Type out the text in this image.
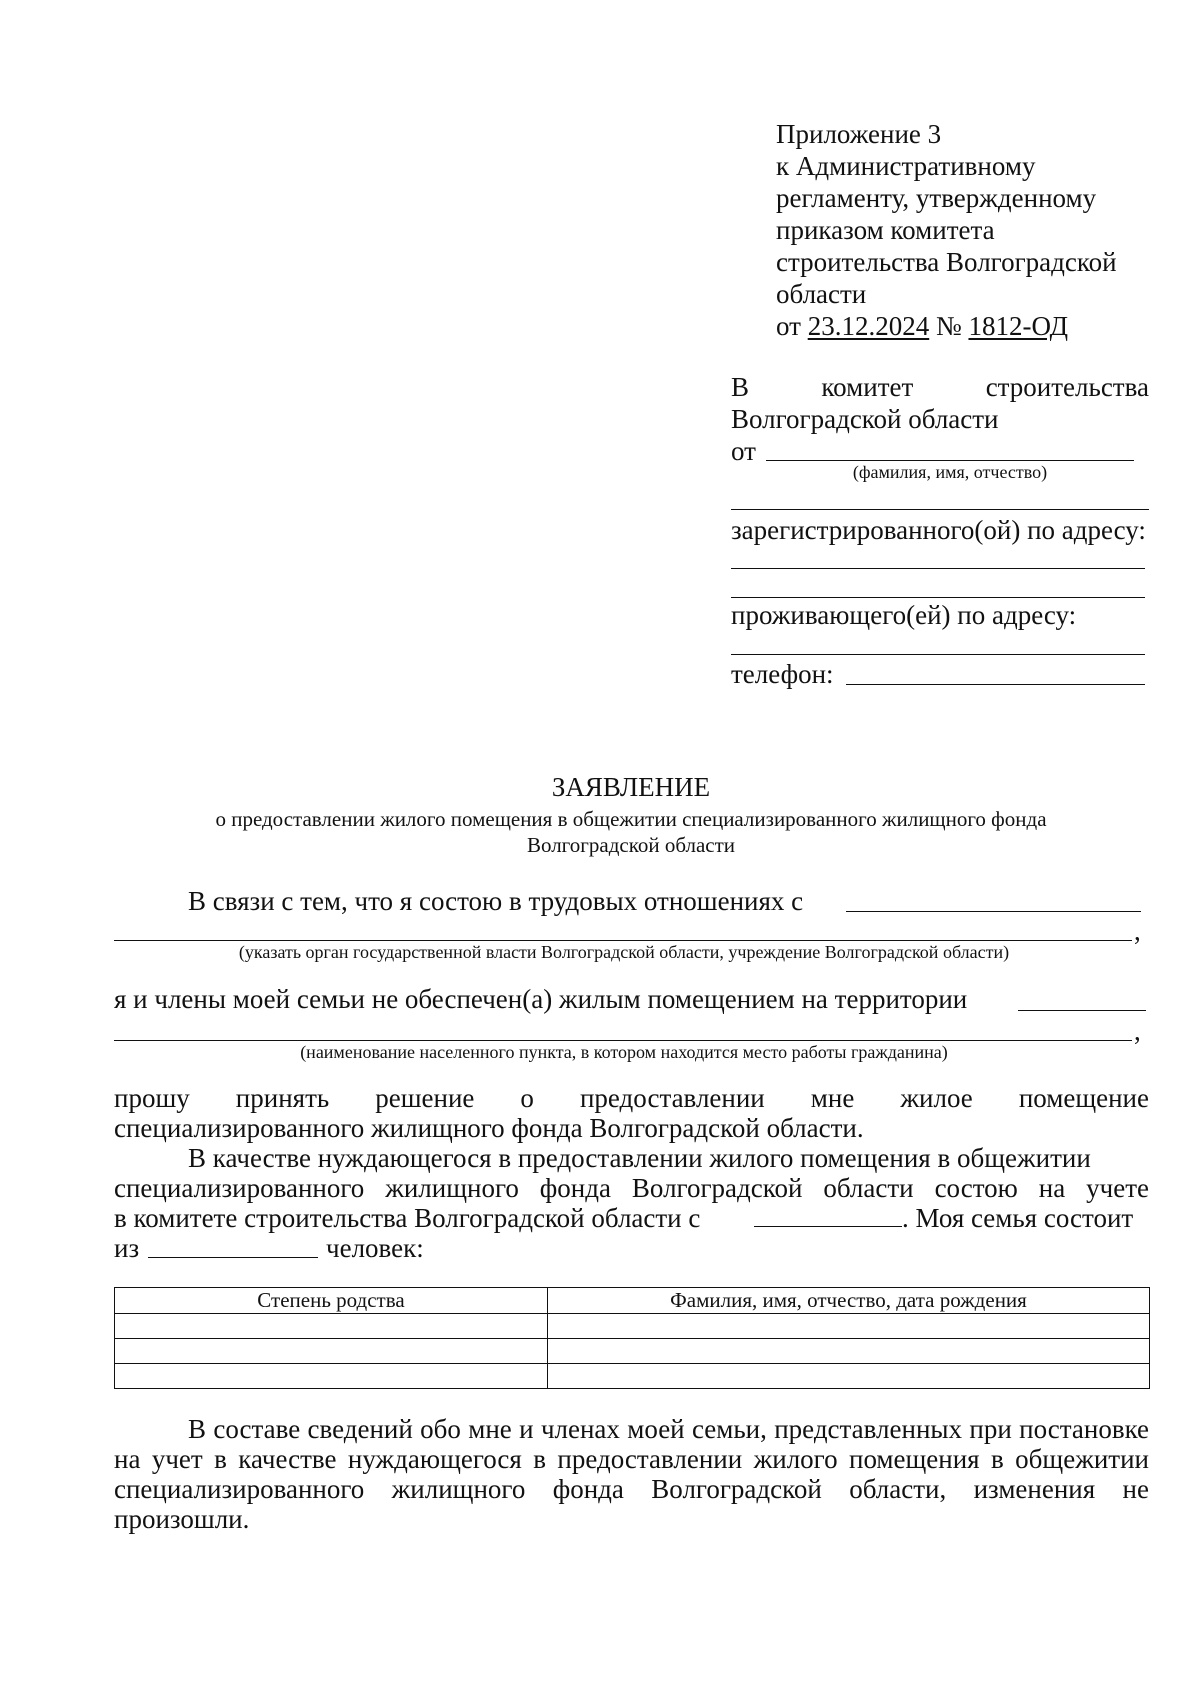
Приложение 3
к Административному
регламенту, утвержденному
приказом комитета
строительства Волгоградской
области
от 23.12.2024 № 1812-ОД
В	комитет	строительства
Волгоградской области
от
(фамилия, имя, отчество)
зарегистрированного(ой) по адресу:
проживающего(ей) по адресу:
телефон:
ЗАЯВЛЕНИЕ
о предоставлении жилого помещения в общежитии специализированного жилищного фонда
Волгоградской области
В связи с тем, что я состою в трудовых отношениях с
,
(указать орган государственной власти Волгоградской области, учреждение Волгоградской области)
я и члены моей семьи не обеспечен(а) жилым помещением на территории
,
(наименование населенного пункта, в котором находится место работы гражданина)
прошу принять решение о предоставлении мне жилое помещение
специализированного жилищного фонда Волгоградской области.
В качестве нуждающегося в предоставлении жилого помещения в общежитии
специализированного жилищного фонда Волгоградской области состою на учете
в комитете строительства Волгоградской области с	. Моя семья состоит
из	человек:
Степень родства	Фамилия, имя, отчество, дата рождения

В составе сведений обо мне и членах моей семьи, представленных при постановке на учет в качестве нуждающегося в предоставлении жилого помещения в общежитии специализированного жилищного фонда Волгоградской области, изменения не произошли.
